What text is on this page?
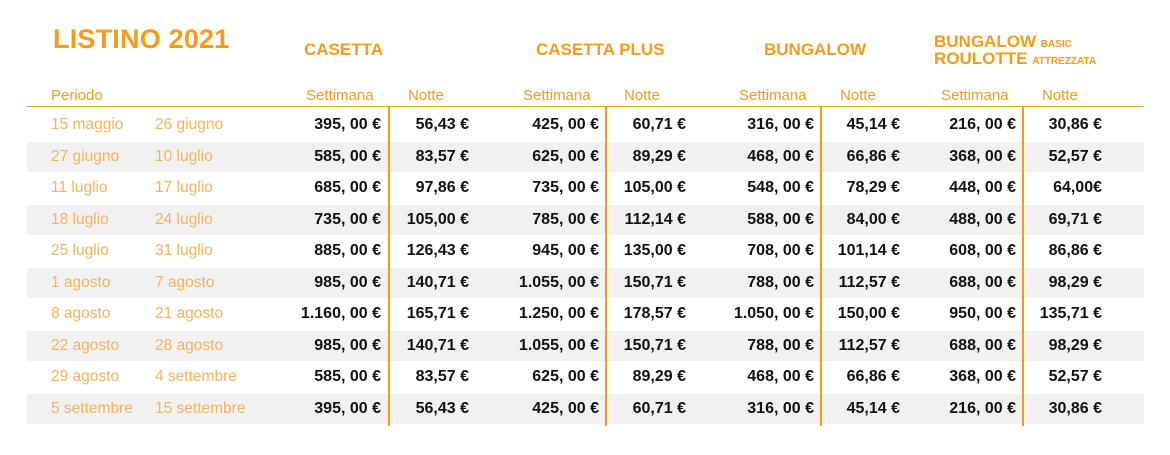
LISTINO 2021	CASETTA	CASETTA PLUS	BUNGALOW	BUNGALOW BASIC
ROULOTTE ATTREZZATA
Periodo	Settimana Notte	Settimana Notte	Settimana Notte	Settimana Notte
15 maggio 26 giugno	395, 00 € 56,43 €	425, 00 € 60,71 €	316, 00 € 45,14 €	216, 00 € 30,86 €
27 giugno 10 luglio	585, 00 € 83,57 €	625, 00 € 89,29 €	468, 00 € 66,86 €	368, 00 € 52,57 €
11 luglio	17 luglio	685, 00 € 97,86 €	735, 00 € 105,00 €	548, 00 € 78,29 €	448, 00 € 64,00€
18 luglio	24 luglio	735, 00 € 105,00 €	785, 00 € 112,14 €	588, 00 € 84,00 €	488, 00 € 69,71 €
25 luglio	31 luglio	885, 00 € 126,43 €	945, 00 € 135,00 €	708, 00 € 101,14 €	608, 00 € 86,86 €
1 agosto	7 agosto	985, 00 € 140,71 €	1.055, 00 € 150,71 €	788, 00 € 112,57 €	688, 00 € 98,29 €
8 agosto	21 agosto	1.160, 00 € 165,71 €	1.250, 00 € 178,57 €	1.050, 00 € 150,00 €	950, 00 € 135,71 €
22 agosto 28 agosto	985, 00 € 140,71 €	1.055, 00 € 150,71 €	788, 00 € 112,57 €	688, 00 € 98,29 €
29 agosto 4 settembre	585, 00 € 83,57 €	625, 00 € 89,29 €	468, 00 € 66,86 €	368, 00 € 52,57 €
5 settembre 15 settembre	395, 00 € 56,43 €	425, 00 € 60,71 €	316, 00 € 45,14 €	216, 00 € 30,86 €
